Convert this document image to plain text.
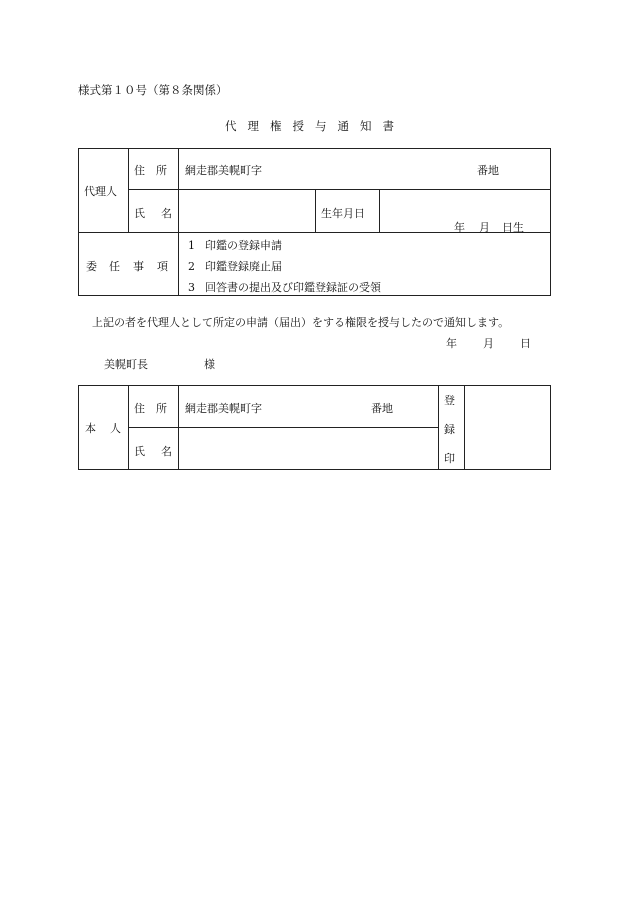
様式第１０号（第８条関係）
代 理 権 授 与 通 知 書
代理人
住 所 網走郡美幌町字	番地
氏 名	生年月日
年 月 日生
委 任 事 項
1 印鑑の登録申請
2 印鑑登録廃止届
3 回答書の提出及び印鑑登録証の受領
上記の者を代理人として所定の申請（届出）をする権限を授与したので通知します。
年 月 日
美幌町長	様
本 人
住 所 網走郡美幌町字	番地
氏 名
登
録
印
